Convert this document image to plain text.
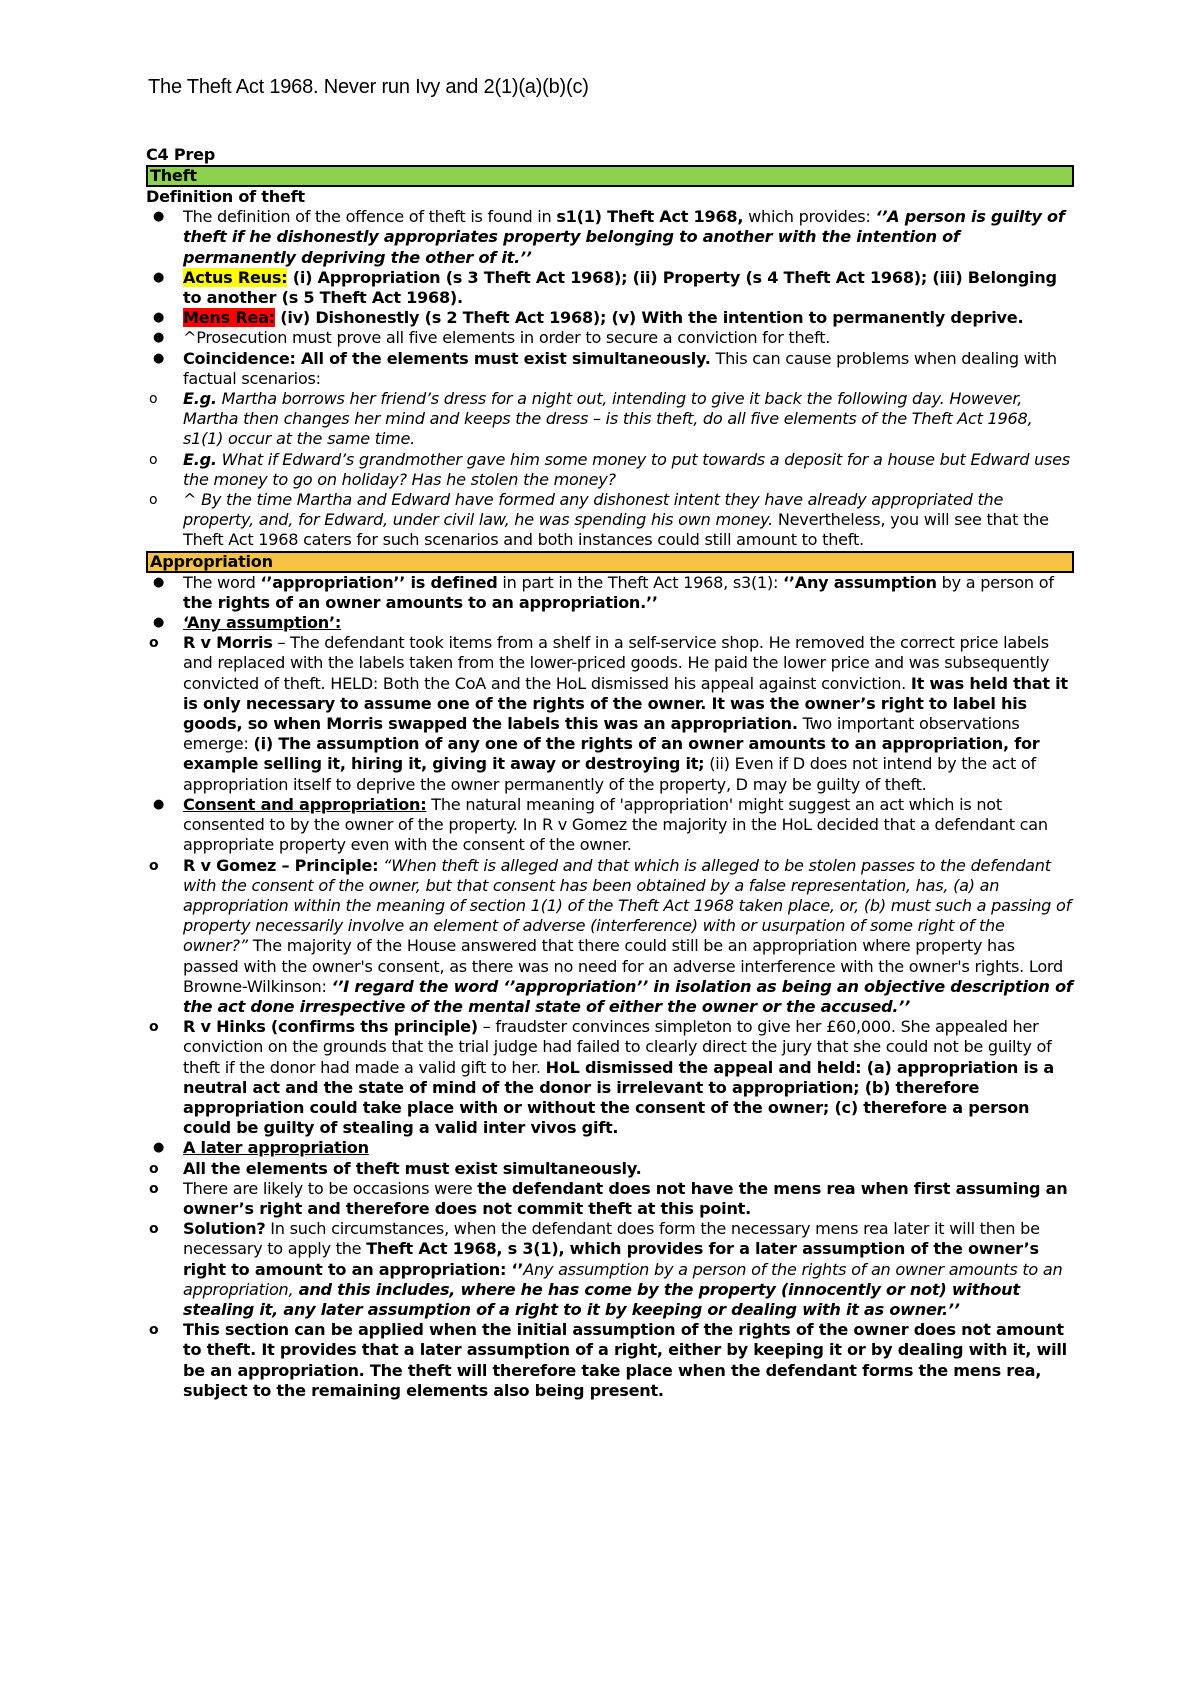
The Theft Act 1968. Never run Ivy and 2(1)(a)(b)(c)
C4 Prep
Theft
Definition of theft
● The definition of the offence of theft is found in s1(1) Theft Act 1968, which provides: ‘’A person is guilty of theft if he dishonestly appropriates property belonging to another with the intention of permanently depriving the other of it.’’
● Actus Reus: (i) Appropriation (s 3 Theft Act 1968); (ii) Property (s 4 Theft Act 1968); (iii) Belonging to another (s 5 Theft Act 1968).
● Mens Rea: (iv) Dishonestly (s 2 Theft Act 1968); (v) With the intention to permanently deprive.
● ^Prosecution must prove all five elements in order to secure a conviction for theft.
● Coincidence: All of the elements must exist simultaneously. This can cause problems when dealing with factual scenarios:
o E.g. Martha borrows her friend’s dress for a night out, intending to give it back the following day. However, Martha then changes her mind and keeps the dress – is this theft, do all five elements of the Theft Act 1968, s1(1) occur at the same time.
o E.g. What if Edward’s grandmother gave him some money to put towards a deposit for a house but Edward uses the money to go on holiday? Has he stolen the money?
o ^ By the time Martha and Edward have formed any dishonest intent they have already appropriated the property, and, for Edward, under civil law, he was spending his own money. Nevertheless, you will see that the Theft Act 1968 caters for such scenarios and both instances could still amount to theft.
Appropriation
● The word ‘’appropriation’’ is defined in part in the Theft Act 1968, s3(1): ‘’Any assumption by a person of the rights of an owner amounts to an appropriation.’’
● ‘Any assumption’:
o R v Morris – The defendant took items from a shelf in a self-service shop. He removed the correct price labels and replaced with the labels taken from the lower-priced goods. He paid the lower price and was subsequently convicted of theft. HELD: Both the CoA and the HoL dismissed his appeal against conviction. It was held that it is only necessary to assume one of the rights of the owner. It was the owner’s right to label his goods, so when Morris swapped the labels this was an appropriation. Two important observations emerge: (i) The assumption of any one of the rights of an owner amounts to an appropriation, for example selling it, hiring it, giving it away or destroying it; (ii) Even if D does not intend by the act of appropriation itself to deprive the owner permanently of the property, D may be guilty of theft.
● Consent and appropriation: The natural meaning of 'appropriation' might suggest an act which is not consented to by the owner of the property. In R v Gomez the majority in the HoL decided that a defendant can appropriate property even with the consent of the owner.
o R v Gomez – Principle: “When theft is alleged and that which is alleged to be stolen passes to the defendant with the consent of the owner, but that consent has been obtained by a false representation, has, (a) an appropriation within the meaning of section 1(1) of the Theft Act 1968 taken place, or, (b) must such a passing of property necessarily involve an element of adverse (interference) with or usurpation of some right of the owner?” The majority of the House answered that there could still be an appropriation where property has passed with the owner's consent, as there was no need for an adverse interference with the owner's rights. Lord Browne-Wilkinson: ‘’I regard the word ‘’appropriation’’ in isolation as being an objective description of the act done irrespective of the mental state of either the owner or the accused.’’
o R v Hinks (confirms ths principle) – fraudster convinces simpleton to give her £60,000. She appealed her conviction on the grounds that the trial judge had failed to clearly direct the jury that she could not be guilty of theft if the donor had made a valid gift to her. HoL dismissed the appeal and held: (a) appropriation is a neutral act and the state of mind of the donor is irrelevant to appropriation; (b) therefore appropriation could take place with or without the consent of the owner; (c) therefore a person could be guilty of stealing a valid inter vivos gift.
● A later appropriation
o All the elements of theft must exist simultaneously.
o There are likely to be occasions were the defendant does not have the mens rea when first assuming an owner’s right and therefore does not commit theft at this point.
o Solution? In such circumstances, when the defendant does form the necessary mens rea later it will then be necessary to apply the Theft Act 1968, s 3(1), which provides for a later assumption of the owner’s right to amount to an appropriation: ‘’Any assumption by a person of the rights of an owner amounts to an appropriation, and this includes, where he has come by the property (innocently or not) without stealing it, any later assumption of a right to it by keeping or dealing with it as owner.’’
o This section can be applied when the initial assumption of the rights of the owner does not amount to theft. It provides that a later assumption of a right, either by keeping it or by dealing with it, will be an appropriation. The theft will therefore take place when the defendant forms the mens rea, subject to the remaining elements also being present.
